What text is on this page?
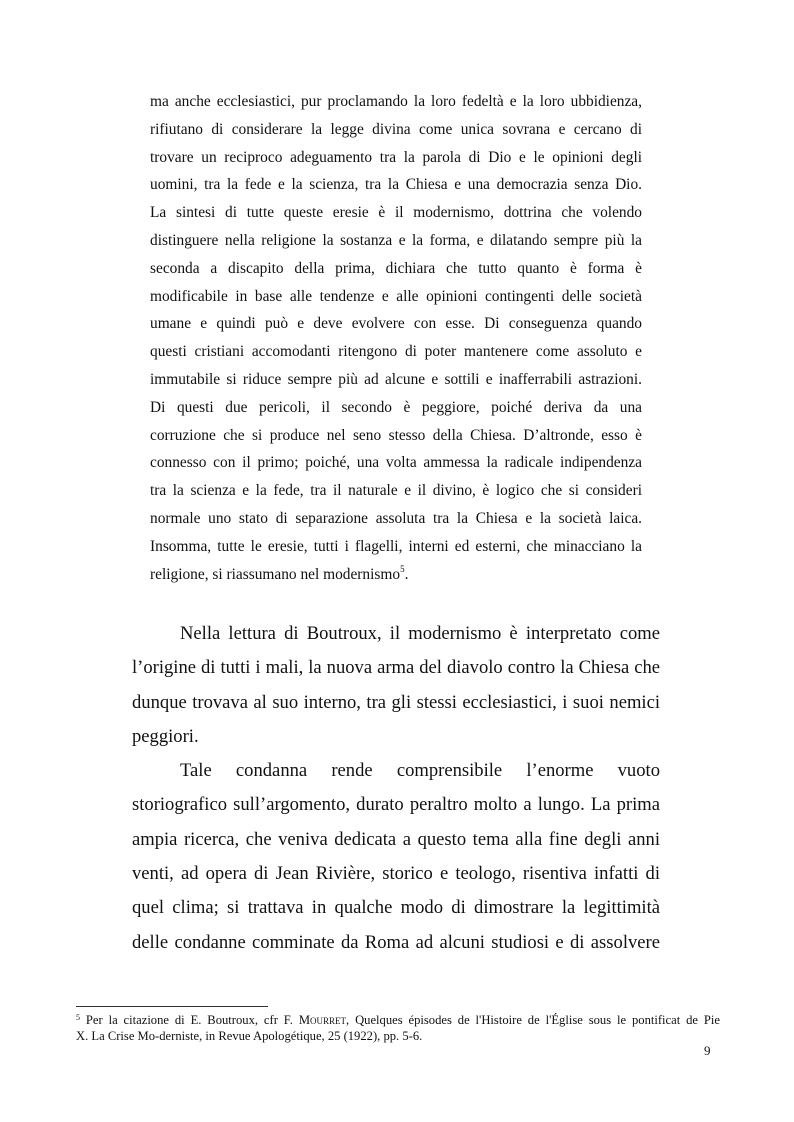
ma anche ecclesiastici, pur proclamando la loro fedeltà e la loro ubbidienza,
rifiutano di considerare la legge divina come unica sovrana e cercano di
trovare un reciproco adeguamento tra la parola di Dio e le opinioni degli
uomini, tra la fede e la scienza, tra la Chiesa e una democrazia senza Dio.
La sintesi di tutte queste eresie è il modernismo, dottrina che volendo
distinguere nella religione la sostanza e la forma, e dilatando sempre più la
seconda a discapito della prima, dichiara che tutto quanto è forma è
modificabile in base alle tendenze e alle opinioni contingenti delle società
umane e quindi può e deve evolvere con esse. Di conseguenza quando
questi cristiani accomodanti ritengono di poter mantenere come assoluto e
immutabile si riduce sempre più ad alcune e sottili e inafferrabili astrazioni.
Di questi due pericoli, il secondo è peggiore, poiché deriva da una
corruzione che si produce nel seno stesso della Chiesa. D’altronde, esso è
connesso con il primo; poiché, una volta ammessa la radicale indipendenza
tra la scienza e la fede, tra il naturale e il divino, è logico che si consideri
normale uno stato di separazione assoluta tra la Chiesa e la società laica.
Insomma, tutte le eresie, tutti i flagelli, interni ed esterni, che minacciano la
religione, si riassumano nel modernismo$^5$.
Nella lettura di Boutroux, il modernismo è interpretato come
l’origine di tutti i mali, la nuova arma del diavolo contro la Chiesa che
dunque trovava al suo interno, tra gli stessi ecclesiastici, i suoi nemici
peggiori.
Tale condanna rende comprensibile l’enorme vuoto
storiografico sull’argomento, durato peraltro molto a lungo. La prima
ampia ricerca, che veniva dedicata a questo tema alla fine degli anni
venti, ad opera di Jean Rivière, storico e teologo, risentiva infatti di
quel clima; si trattava in qualche modo di dimostrare la legittimità
delle condanne comminate da Roma ad alcuni studiosi e di assolvere
$^5$ Per la citazione di E. Boutroux, cfr F. Mourret, Quelques épisodes de l'Histoire de l'Église sous le pontificat de Pie
X. La Crise Mo-derniste, in Revue Apologétique, 25 (1922), pp. 5-6.
9
